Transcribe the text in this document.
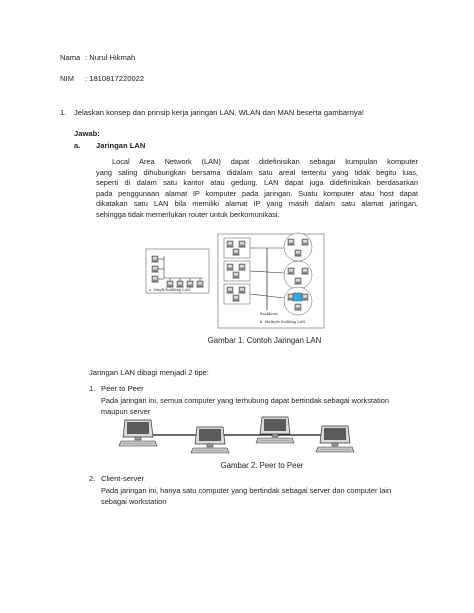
Nama : Nurul Hikmah
NIM : 1810817220022
1. Jelaskan konsep dan prinsip kerja jaringan LAN, WLAN dan MAN beserta gambarnya!
Jawab:
a. Jaringan LAN
Local Area Network (LAN) dapat didefinisikan sebagai kumpulan komputer
yang saling dihubungkan bersama didalam satu areal tertentu yang tidak begitu luas,
seperti di dalam satu kantor atau gedung. LAN dapat juga didefinisikan berdasarkan
pada penggunaan alamat IP komputer pada jaringan. Suatu komputer atau host dapat
dikatakan satu LAN bila memiliki alamat IP yang masih dalam satu alamat jaringan,
sehingga tidak memerlukan router untuk berkomunikasi.
a. Single-building LAN
Backbone
b. Multiple-building LAN
Gambar 1. Contoh Jaringan LAN
Jaringan LAN dibagi menjadi 2 tipe:
1. Peer to Peer
Pada jaringan ini, semua computer yang terhubung dapat bertindak sebagai workstation
maupun server
Gambar 2. Peer to Peer
2. Client-server
Pada jaringan ini, hanya satu computer yang bertindak sebagai server dan computer lain
sebagai workstation
